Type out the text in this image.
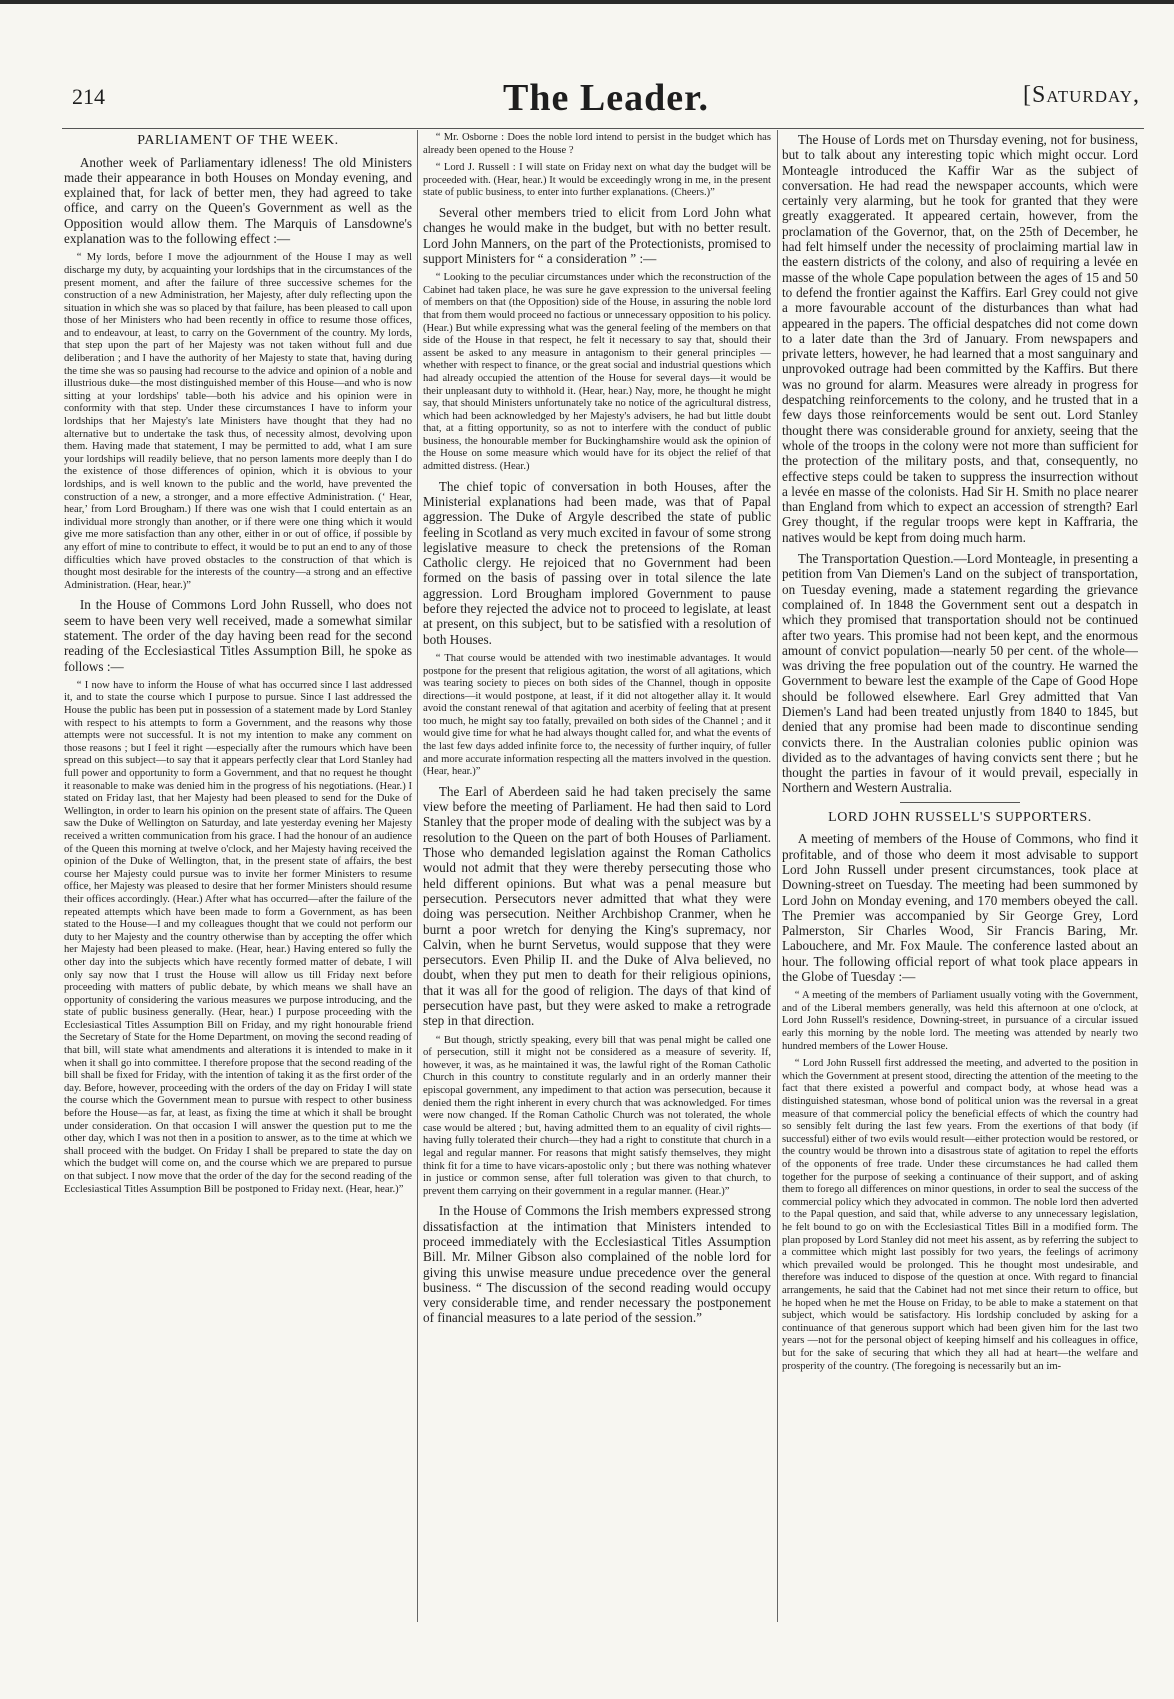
214	The Leader.	[Saturday,
PARLIAMENT OF THE WEEK.

Another week of Parliamentary idleness! The old Ministers made their appearance in both Houses on Monday evening, and explained that, for lack of better men, they had agreed to take office, and carry on the Queen's Government as well as the Opposition would allow them. The Marquis of Lansdowne's explanation was to the following effect :—

“ My lords, before I move the adjournment of the House I may as well discharge my duty, by acquainting your lordships that in the circumstances of the present moment, and after the failure of three successive schemes for the construction of a new Administration, her Majesty, after duly reflecting upon the situation in which she was so placed by that failure, has been pleased to call upon those of her Ministers who had been recently in office to resume those offices, and to endeavour, at least, to carry on the Government of the country. My lords, that step upon the part of her Majesty was not taken without full and due deliberation ; and I have the authority of her Majesty to state that, having during the time she was so pausing had recourse to the advice and opinion of a noble and illustrious duke—the most distinguished member of this House—and who is now sitting at your lordships' table—both his advice and his opinion were in conformity with that step. Under these circumstances I have to inform your lordships that her Majesty's late Ministers have thought that they had no alternative but to undertake the task thus, of necessity almost, devolving upon them. Having made that statement, I may be permitted to add, what I am sure your lordships will readily believe, that no person laments more deeply than I do the existence of those differences of opinion, which it is obvious to your lordships, and is well known to the public and the world, have prevented the construction of a new, a stronger, and a more effective Administration. (‘ Hear, hear,’ from Lord Brougham.) If there was one wish that I could entertain as an individual more strongly than another, or if there were one thing which it would give me more satisfaction than any other, either in or out of office, if possible by any effort of mine to contribute to effect, it would be to put an end to any of those difficulties which have proved obstacles to the construction of that which is thought most desirable for the interests of the country—a strong and an effective Administration. (Hear, hear.)”

In the House of Commons Lord John Russell, who does not seem to have been very well received, made a somewhat similar statement. The order of the day having been read for the second reading of the Ecclesiastical Titles Assumption Bill, he spoke as follows :—

“ I now have to inform the House of what has occurred since I last addressed it, and to state the course which I purpose to pursue. Since I last addressed the House the public has been put in possession of a statement made by Lord Stanley with respect to his attempts to form a Government, and the reasons why those attempts were not successful. It is not my intention to make any comment on those reasons ; but I feel it right —especially after the rumours which have been spread on this subject—to say that it appears perfectly clear that Lord Stanley had full power and opportunity to form a Government, and that no request he thought it reasonable to make was denied him in the progress of his negotiations. (Hear.) I stated on Friday last, that her Majesty had been pleased to send for the Duke of Wellington, in order to learn his opinion on the present state of affairs. The Queen saw the Duke of Wellington on Saturday, and late yesterday evening her Majesty received a written communication from his grace. I had the honour of an audience of the Queen this morning at twelve o'clock, and her Majesty having received the opinion of the Duke of Wellington, that, in the present state of affairs, the best course her Majesty could pursue was to invite her former Ministers to resume office, her Majesty was pleased to desire that her former Ministers should resume their offices accordingly. (Hear.) After what has occurred—after the failure of the repeated attempts which have been made to form a Government, as has been stated to the House—I and my colleagues thought that we could not perform our duty to her Majesty and the country otherwise than by accepting the offer which her Majesty had been pleased to make. (Hear, hear.) Having entered so fully the other day into the subjects which have recently formed matter of debate, I will only say now that I trust the House will allow us till Friday next before proceeding with matters of public debate, by which means we shall have an opportunity of considering the various measures we purpose introducing, and the state of public business generally. (Hear, hear.) I purpose proceeding with the Ecclesiastical Titles Assumption Bill on Friday, and my right honourable friend the Secretary of State for the Home Department, on moving the second reading of that bill, will state what amendments and alterations it is intended to make in it when it shall go into committee. I therefore propose that the second reading of the bill shall be fixed for Friday, with the intention of taking it as the first order of the day. Before, however, proceeding with the orders of the day on Friday I will state the course which the Government mean to pursue with respect to other business before the House—as far, at least, as fixing the time at which it shall be brought under consideration. On that occasion I will answer the question put to me the other day, which I was not then in a position to answer, as to the time at which we shall proceed with the budget. On Friday I shall be prepared to state the day on which the budget will come on, and the course which we are prepared to pursue on that subject. I now move that the order of the day for the second reading of the Ecclesiastical Titles Assumption Bill be postponed to Friday next. (Hear, hear.)”

“ Mr. Osborne : Does the noble lord intend to persist in the budget which has already been opened to the House ?

“ Lord J. Russell : I will state on Friday next on what day the budget will be proceeded with. (Hear, hear.) It would be exceedingly wrong in me, in the present state of public business, to enter into further explanations. (Cheers.)”

Several other members tried to elicit from Lord John what changes he would make in the budget, but with no better result. Lord John Manners, on the part of the Protectionists, promised to support Ministers for “ a consideration ” :—

“ Looking to the peculiar circumstances under which the reconstruction of the Cabinet had taken place, he was sure he gave expression to the universal feeling of members on that (the Opposition) side of the House, in assuring the noble lord that from them would proceed no factious or unnecessary opposition to his policy. (Hear.) But while expressing what was the general feeling of the members on that side of the House in that respect, he felt it necessary to say that, should their assent be asked to any measure in antagonism to their general principles —whether with respect to finance, or the great social and industrial questions which had already occupied the attention of the House for several days—it would be their unpleasant duty to withhold it. (Hear, hear.) Nay, more, he thought he might say, that should Ministers unfortunately take no notice of the agricultural distress, which had been acknowledged by her Majesty's advisers, he had but little doubt that, at a fitting opportunity, so as not to interfere with the conduct of public business, the honourable member for Buckinghamshire would ask the opinion of the House on some measure which would have for its object the relief of that admitted distress. (Hear.)

The chief topic of conversation in both Houses, after the Ministerial explanations had been made, was that of Papal aggression. The Duke of Argyle described the state of public feeling in Scotland as very much excited in favour of some strong legislative measure to check the pretensions of the Roman Catholic clergy. He rejoiced that no Government had been formed on the basis of passing over in total silence the late aggression. Lord Brougham implored Government to pause before they rejected the advice not to proceed to legislate, at least at present, on this subject, but to be satisfied with a resolution of both Houses.

“ That course would be attended with two inestimable advantages. It would postpone for the present that religious agitation, the worst of all agitations, which was tearing society to pieces on both sides of the Channel, though in opposite directions—it would postpone, at least, if it did not altogether allay it. It would avoid the constant renewal of that agitation and acerbity of feeling that at present too much, he might say too fatally, prevailed on both sides of the Channel ; and it would give time for what he had always thought called for, and what the events of the last few days added infinite force to, the necessity of further inquiry, of fuller and more accurate information respecting all the matters involved in the question. (Hear, hear.)”

The Earl of Aberdeen said he had taken precisely the same view before the meeting of Parliament. He had then said to Lord Stanley that the proper mode of dealing with the subject was by a resolution to the Queen on the part of both Houses of Parliament. Those who demanded legislation against the Roman Catholics would not admit that they were thereby persecuting those who held different opinions. But what was a penal measure but persecution. Persecutors never admitted that what they were doing was persecution. Neither Archbishop Cranmer, when he burnt a poor wretch for denying the King's supremacy, nor Calvin, when he burnt Servetus, would suppose that they were persecutors. Even Philip II. and the Duke of Alva believed, no doubt, when they put men to death for their religious opinions, that it was all for the good of religion. The days of that kind of persecution have past, but they were asked to make a retrograde step in that direction.

“ But though, strictly speaking, every bill that was penal might be called one of persecution, still it might not be considered as a measure of severity. If, however, it was, as he maintained it was, the lawful right of the Roman Catholic Church in this country to constitute regularly and in an orderly manner their episcopal government, any impediment to that action was persecution, because it denied them the right inherent in every church that was acknowledged. For times were now changed. If the Roman Catholic Church was not tolerated, the whole case would be altered ; but, having admitted them to an equality of civil rights—having fully tolerated their church—they had a right to constitute that church in a legal and regular manner. For reasons that might satisfy themselves, they might think fit for a time to have vicars-apostolic only ; but there was nothing whatever in justice or common sense, after full toleration was given to that church, to prevent them carrying on their government in a regular manner. (Hear.)”

In the House of Commons the Irish members expressed strong dissatisfaction at the intimation that Ministers intended to proceed immediately with the Ecclesiastical Titles Assumption Bill. Mr. Milner Gibson also complained of the noble lord for giving this unwise measure undue precedence over the general business. “ The discussion of the second reading would occupy very considerable time, and render necessary the postponement of financial measures to a late period of the session.”

The House of Lords met on Thursday evening, not for business, but to talk about any interesting topic which might occur. Lord Monteagle introduced the Kaffir War as the subject of conversation. He had read the newspaper accounts, which were certainly very alarming, but he took for granted that they were greatly exaggerated. It appeared certain, however, from the proclamation of the Governor, that, on the 25th of December, he had felt himself under the necessity of proclaiming martial law in the eastern districts of the colony, and also of requiring a levée en masse of the whole Cape population between the ages of 15 and 50 to defend the frontier against the Kaffirs. Earl Grey could not give a more favourable account of the disturbances than what had appeared in the papers. The official despatches did not come down to a later date than the 3rd of January. From newspapers and private letters, however, he had learned that a most sanguinary and unprovoked outrage had been committed by the Kaffirs. But there was no ground for alarm. Measures were already in progress for despatching reinforcements to the colony, and he trusted that in a few days those reinforcements would be sent out. Lord Stanley thought there was considerable ground for anxiety, seeing that the whole of the troops in the colony were not more than sufficient for the protection of the military posts, and that, consequently, no effective steps could be taken to suppress the insurrection without a levée en masse of the colonists. Had Sir H. Smith no place nearer than England from which to expect an accession of strength? Earl Grey thought, if the regular troops were kept in Kaffraria, the natives would be kept from doing much harm.

The Transportation Question.—Lord Monteagle, in presenting a petition from Van Diemen's Land on the subject of transportation, on Tuesday evening, made a statement regarding the grievance complained of. In 1848 the Government sent out a despatch in which they promised that transportation should not be continued after two years. This promise had not been kept, and the enormous amount of convict population—nearly 50 per cent. of the whole—was driving the free population out of the country. He warned the Government to beware lest the example of the Cape of Good Hope should be followed elsewhere. Earl Grey admitted that Van Diemen's Land had been treated unjustly from 1840 to 1845, but denied that any promise had been made to discontinue sending convicts there. In the Australian colonies public opinion was divided as to the advantages of having convicts sent there ; but he thought the parties in favour of it would prevail, especially in Northern and Western Australia.

LORD JOHN RUSSELL'S SUPPORTERS.

A meeting of members of the House of Commons, who find it profitable, and of those who deem it most advisable to support Lord John Russell under present circumstances, took place at Downing-street on Tuesday. The meeting had been summoned by Lord John on Monday evening, and 170 members obeyed the call. The Premier was accompanied by Sir George Grey, Lord Palmerston, Sir Charles Wood, Sir Francis Baring, Mr. Labouchere, and Mr. Fox Maule. The conference lasted about an hour. The following official report of what took place appears in the Globe of Tuesday :—

“ A meeting of the members of Parliament usually voting with the Government, and of the Liberal members generally, was held this afternoon at one o'clock, at Lord John Russell's residence, Downing-street, in pursuance of a circular issued early this morning by the noble lord. The meeting was attended by nearly two hundred members of the Lower House.

“ Lord John Russell first addressed the meeting, and adverted to the position in which the Government at present stood, directing the attention of the meeting to the fact that there existed a powerful and compact body, at whose head was a distinguished statesman, whose bond of political union was the reversal in a great measure of that commercial policy the beneficial effects of which the country had so sensibly felt during the last few years. From the exertions of that body (if successful) either of two evils would result—either protection would be restored, or the country would be thrown into a disastrous state of agitation to repel the efforts of the opponents of free trade. Under these circumstances he had called them together for the purpose of seeking a continuance of their support, and of asking them to forego all differences on minor questions, in order to seal the success of the commercial policy which they advocated in common. The noble lord then adverted to the Papal question, and said that, while adverse to any unnecessary legislation, he felt bound to go on with the Ecclesiastical Titles Bill in a modified form. The plan proposed by Lord Stanley did not meet his assent, as by referring the subject to a committee which might last possibly for two years, the feelings of acrimony which prevailed would be prolonged. This he thought most undesirable, and therefore was induced to dispose of the question at once. With regard to financial arrangements, he said that the Cabinet had not met since their return to office, but he hoped when he met the House on Friday, to be able to make a statement on that subject, which would be satisfactory. His lordship concluded by asking for a continuance of that generous support which had been given him for the last two years —not for the personal object of keeping himself and his colleagues in office, but for the sake of securing that which they all had at heart—the welfare and prosperity of the country. (The foregoing is necessarily but an im-
